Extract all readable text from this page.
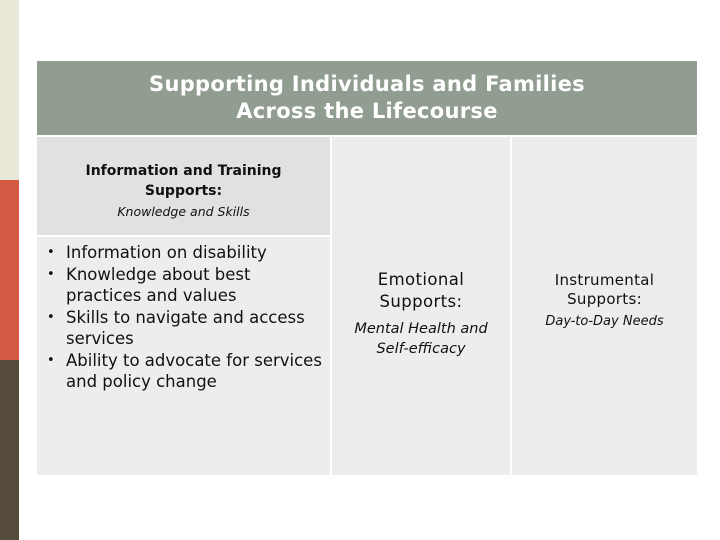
Supporting Individuals and Families
Across the Lifecourse
Information and Training
Supports:
Knowledge and Skills
• Information on disability
• Knowledge about best practices and values
• Skills to navigate and access services
• Ability to advocate for services and policy change
Emotional
Supports:
Mental Health and
Self-efficacy
Instrumental
Supports:
Day-to-Day Needs
